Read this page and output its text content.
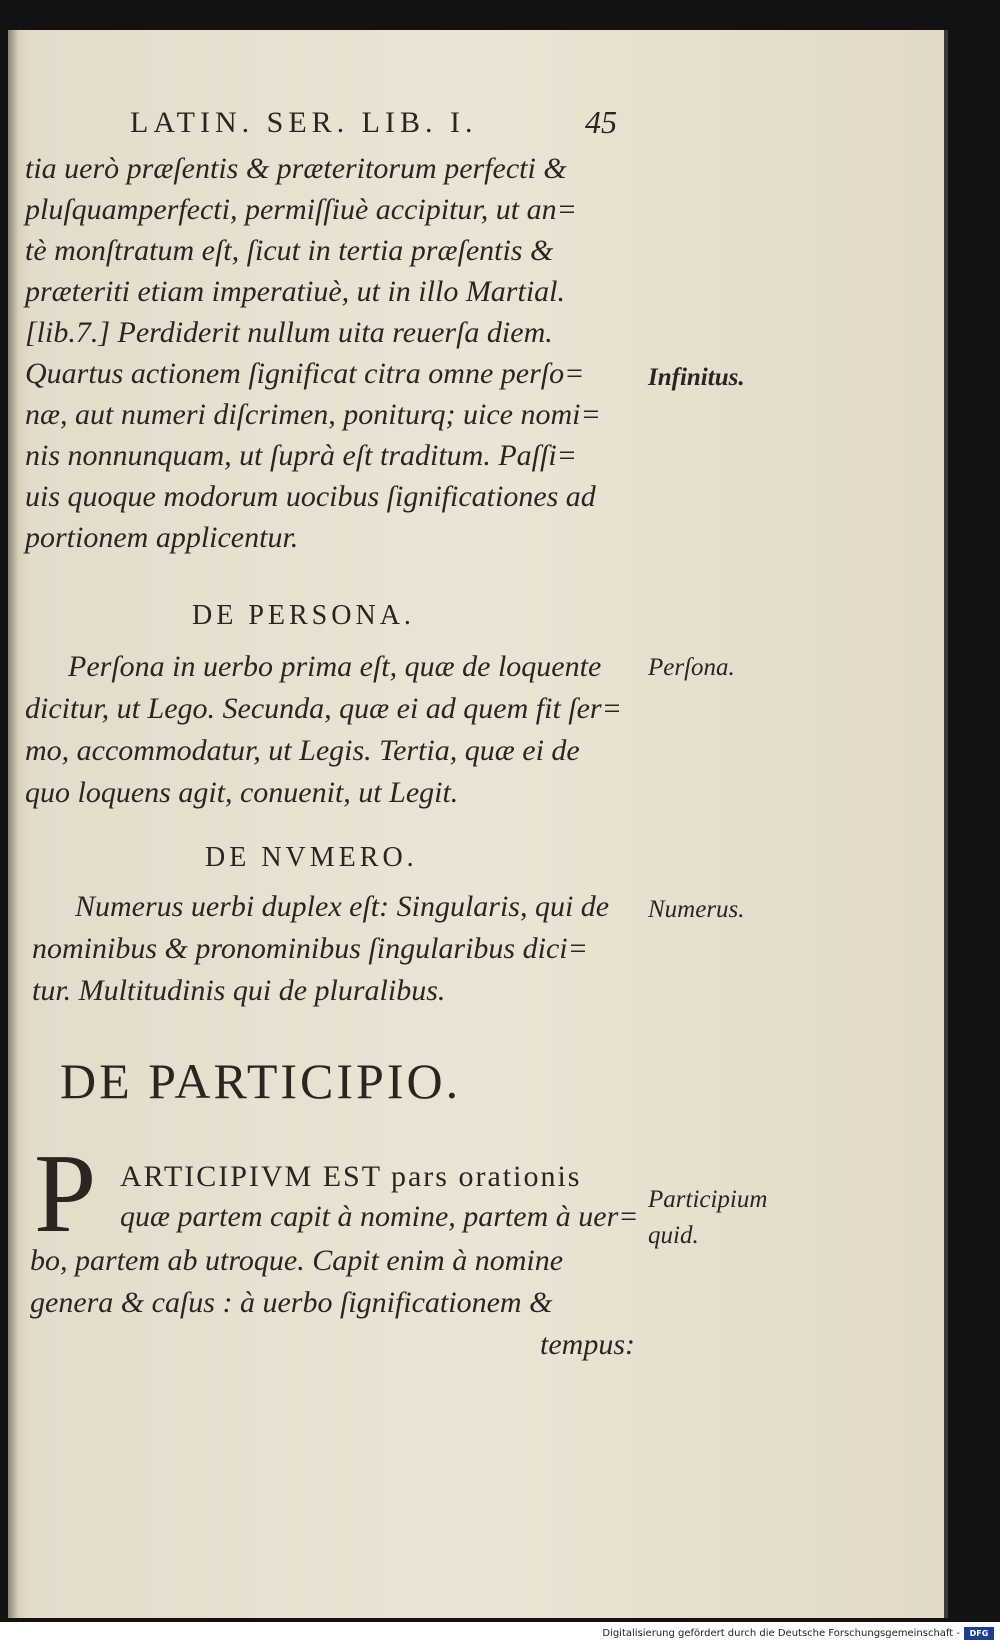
LATIN. SER. LIB. I.	45
tia uerò præſentis & præteritorum perfecti &
pluſquamperfecti, permiſſiuè accipitur, ut an=
tè monſtratum eſt, ſicut in tertia præſentis &
præteriti etiam imperatiuè, ut in illo Martial.
[lib.7.] Perdiderit nullum uita reuerſa diem.
Quartus actionem ſignificat citra omne perſo=
næ, aut numeri diſcrimen, poniturq; uice nomi=
nis nonnunquam, ut ſuprà eſt traditum. Paſſi=
uis quoque modorum uocibus ſignificationes ad
portionem applicentur.
Infinitus.
DE PERSONA.
Perſona in uerbo prima eſt, quæ de loquente
dicitur, ut Lego. Secunda, quæ ei ad quem fit ſer=
mo, accommodatur, ut Legis. Tertia, quæ ei de
quo loquens agit, conuenit, ut Legit.
Perſona.
DE NVMERO.
Numerus uerbi duplex eſt: Singularis, qui de
nominibus & pronominibus ſingularibus dici=
tur. Multitudinis qui de pluralibus.
Numerus.
DE PARTICIPIO.
P ARTICIPIVM EST pars orationis
quæ partem capit à nomine, partem à uer=
bo, partem ab utroque. Capit enim à nomine
genera & caſus : à uerbo ſignificationem &
tempus:
Participium
quid.
Digitalisierung gefördert durch die Deutsche Forschungsgemeinschaft -	DFG
